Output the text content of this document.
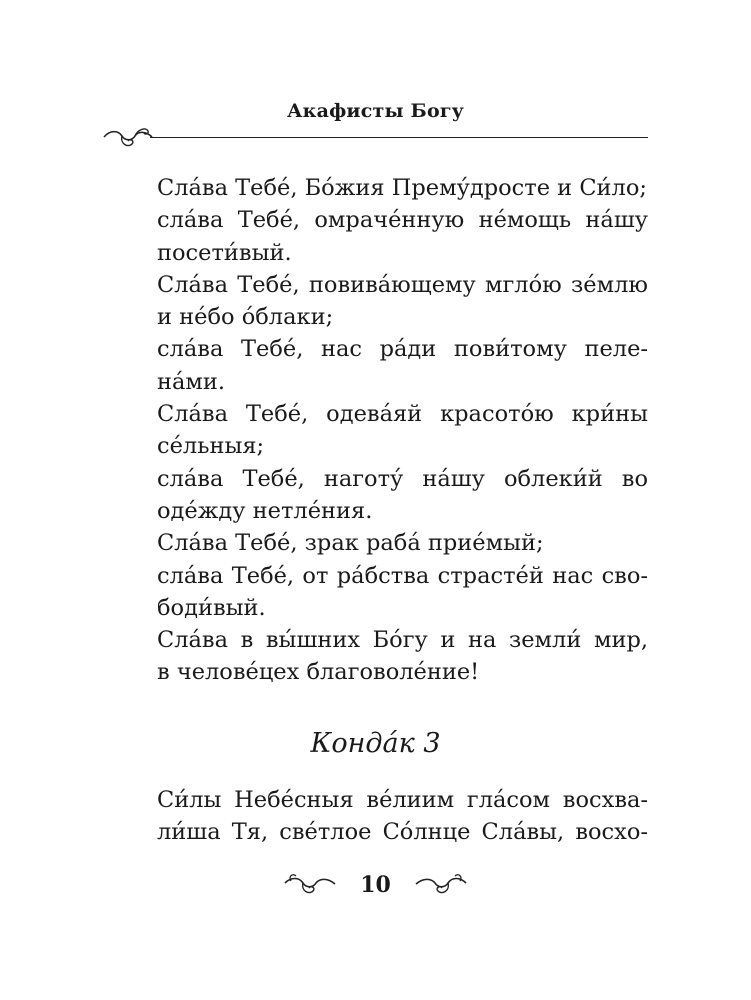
Акафисты Богу
Сла́ва Тебе́, Бо́жия Прему́дросте и Си́ло;
сла́ва Тебе́, омраче́нную не́мощь на́шу
посети́вый.
Сла́ва Тебе́, повива́ющему мгло́ю зе́млю
и не́бо о́блаки;
сла́ва Тебе́, нас ра́ди пови́тому пеле-
на́ми.
Сла́ва Тебе́, одева́яй красото́ю кри́ны
се́льныя;
сла́ва Тебе́, наготу́ на́шу облеки́й во
оде́жду нетле́ния.
Сла́ва Тебе́, зрак раба́ прие́мый;
сла́ва Тебе́, от ра́бства страсте́й нас сво-
боди́вый.
Сла́ва в вы́шних Бо́гу и на земли́ мир,
в челове́цех благоволе́ние!
Конда́к 3
Си́лы Небе́сныя ве́лиим гла́сом восхва-
ли́ша Тя, све́тлое Со́лнце Сла́вы, восхо-
10
